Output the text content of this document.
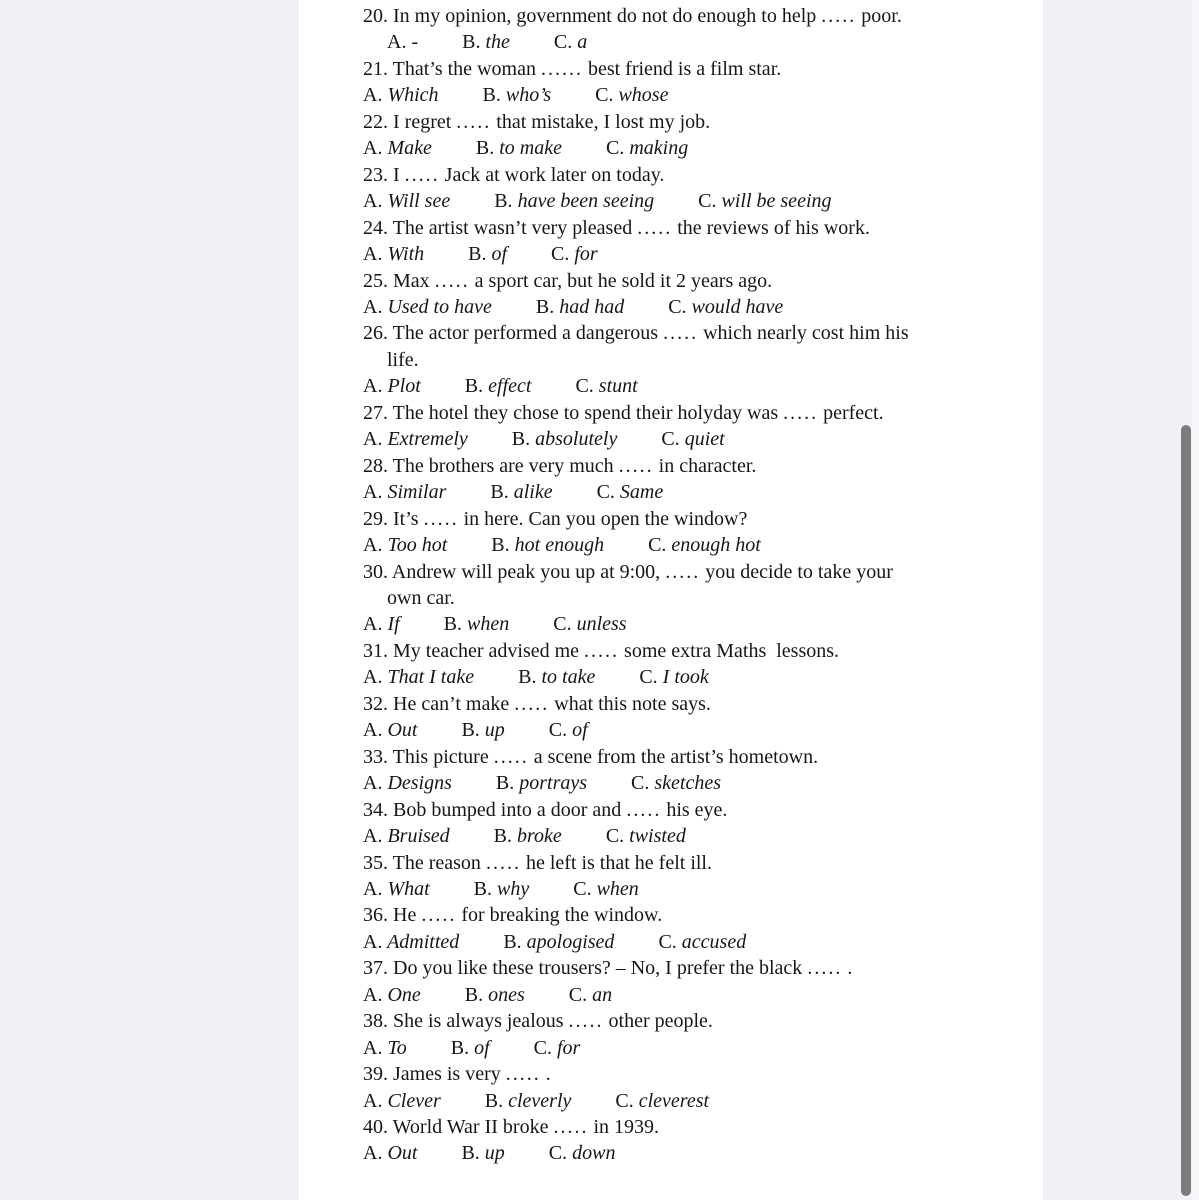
20. In my opinion, government do not do enough to help ..... poor.
A. - B. the C. a
21. That’s the woman ...... best friend is a film star.
A. Which B. who’s C. whose
22. I regret ..... that mistake, I lost my job.
A. Make B. to make C. making
23. I ..... Jack at work later on today.
A. Will see B. have been seeing C. will be seeing
24. The artist wasn’t very pleased ..... the reviews of his work.
A. With B. of C. for
25. Max ..... a sport car, but he sold it 2 years ago.
A. Used to have B. had had C. would have
26. The actor performed a dangerous ..... which nearly cost him his
life.
A. Plot B. effect C. stunt
27. The hotel they chose to spend their holyday was ..... perfect.
A. Extremely B. absolutely C. quiet
28. The brothers are very much ..... in character.
A. Similar B. alike C. Same
29. It’s ..... in here. Can you open the window?
A. Too hot B. hot enough C. enough hot
30. Andrew will peak you up at 9:00, ..... you decide to take your
own car.
A. If B. when C. unless
31. My teacher advised me ..... some extra Maths  lessons.
A. That I take B. to take C. I took
32. He can’t make ..... what this note says.
A. Out B. up C. of
33. This picture ..... a scene from the artist’s hometown.
A. Designs B. portrays C. sketches
34. Bob bumped into a door and ..... his eye.
A. Bruised B. broke C. twisted
35. The reason ..... he left is that he felt ill.
A. What B. why C. when
36. He ..... for breaking the window.
A. Admitted B. apologised C. accused
37. Do you like these trousers? – No, I prefer the black ..... .
A. One B. ones C. an
38. She is always jealous ..... other people.
A. To B. of C. for
39. James is very ..... .
A. Clever B. cleverly C. cleverest
40. World War II broke ..... in 1939.
A. Out B. up C. down
